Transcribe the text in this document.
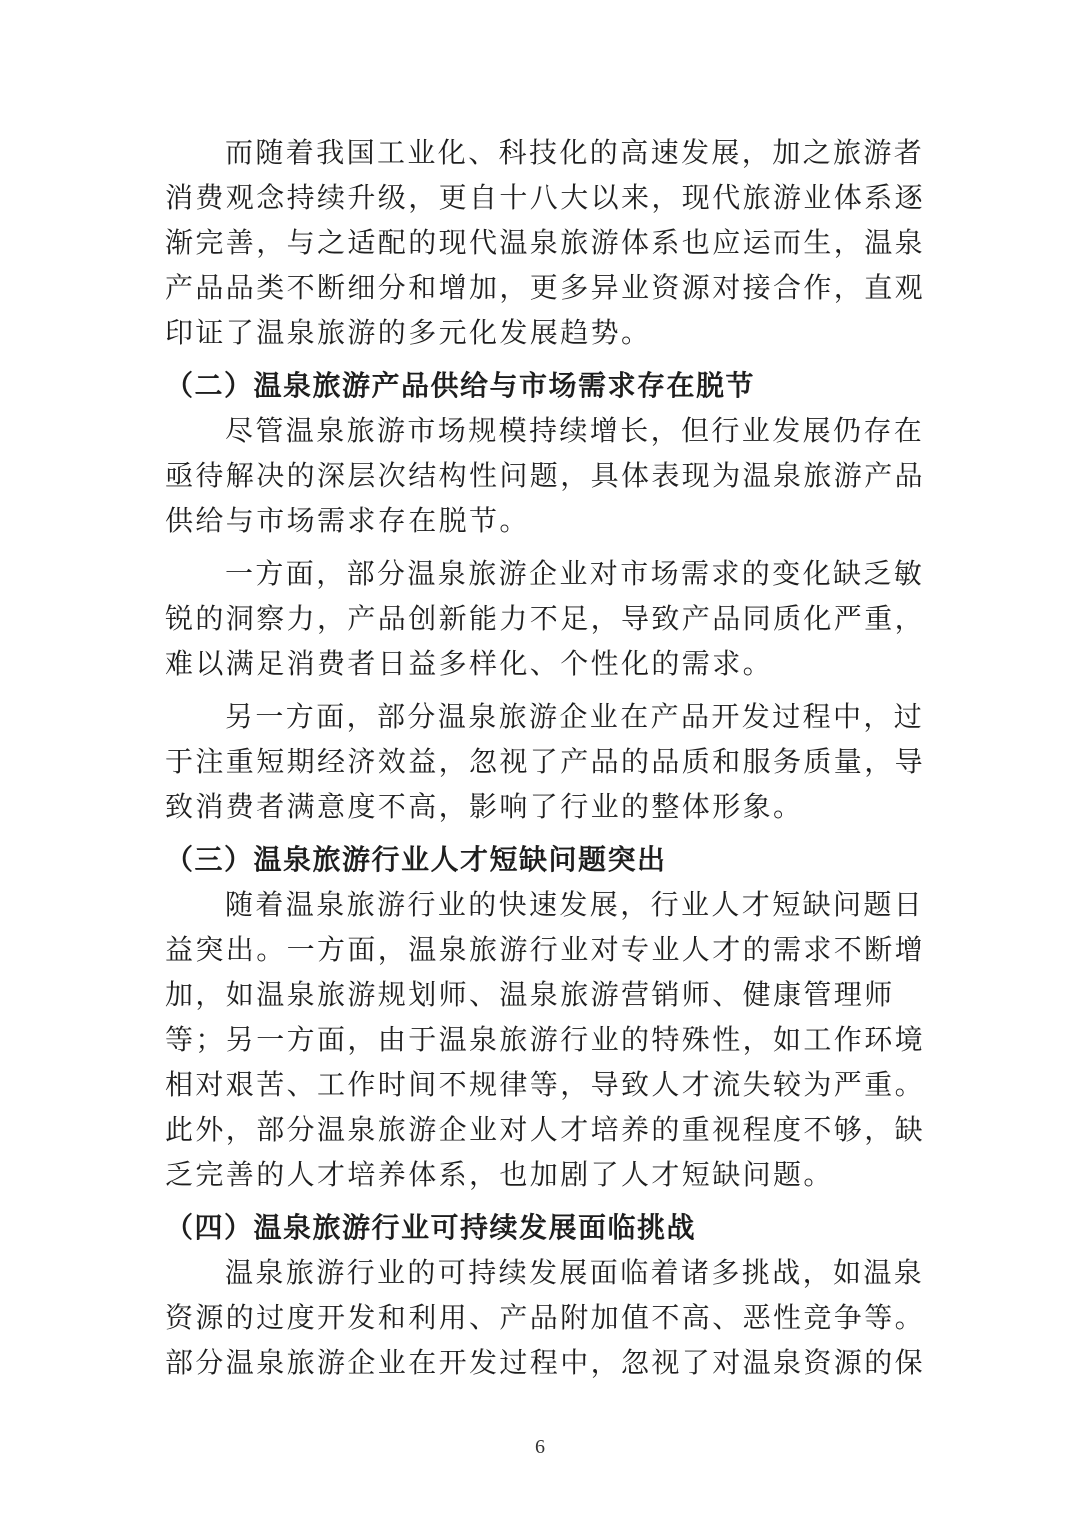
而随着我国工业化、科技化的高速发展，加之旅游者
消费观念持续升级，更自十八大以来，现代旅游业体系逐
渐完善，与之适配的现代温泉旅游体系也应运而生，温泉
产品品类不断细分和增加，更多异业资源对接合作，直观
印证了温泉旅游的多元化发展趋势。
（二）温泉旅游产品供给与市场需求存在脱节
尽管温泉旅游市场规模持续增长，但行业发展仍存在
亟待解决的深层次结构性问题，具体表现为温泉旅游产品
供给与市场需求存在脱节。
一方面，部分温泉旅游企业对市场需求的变化缺乏敏
锐的洞察力，产品创新能力不足，导致产品同质化严重，
难以满足消费者日益多样化、个性化的需求。
另一方面，部分温泉旅游企业在产品开发过程中，过
于注重短期经济效益，忽视了产品的品质和服务质量，导
致消费者满意度不高，影响了行业的整体形象。
（三）温泉旅游行业人才短缺问题突出
随着温泉旅游行业的快速发展，行业人才短缺问题日
益突出。一方面，温泉旅游行业对专业人才的需求不断增
加，如温泉旅游规划师、温泉旅游营销师、健康管理师
等；另一方面，由于温泉旅游行业的特殊性，如工作环境
相对艰苦、工作时间不规律等，导致人才流失较为严重。
此外，部分温泉旅游企业对人才培养的重视程度不够，缺
乏完善的人才培养体系，也加剧了人才短缺问题。
（四）温泉旅游行业可持续发展面临挑战
温泉旅游行业的可持续发展面临着诸多挑战，如温泉
资源的过度开发和利用、产品附加值不高、恶性竞争等。
部分温泉旅游企业在开发过程中，忽视了对温泉资源的保
6
